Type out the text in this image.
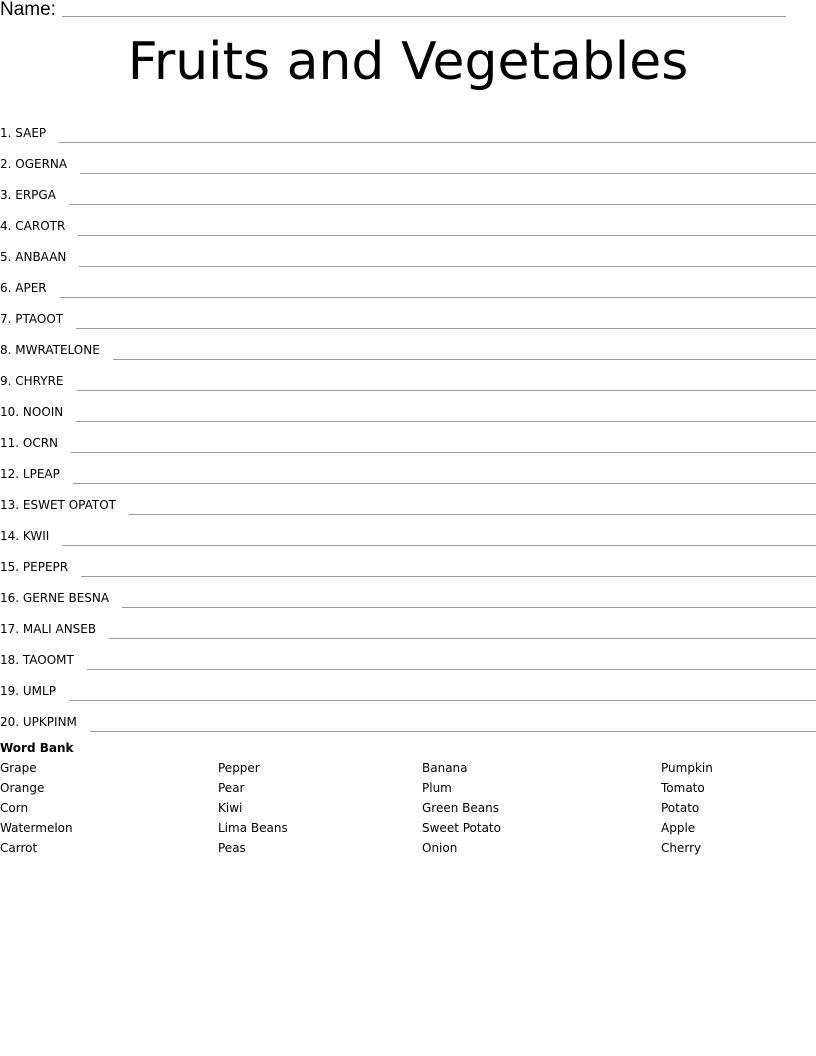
Name:
Fruits and Vegetables
1. SAEP
2. OGERNA
3. ERPGA
4. CAROTR
5. ANBAAN
6. APER
7. PTAOOT
8. MWRATELONE
9. CHRYRE
10. NOOIN
11. OCRN
12. LPEAP
13. ESWET OPATOT
14. KWII
15. PEPEPR
16. GERNE BESNA
17. MALI ANSEB
18. TAOOMT
19. UMLP
20. UPKPINM
Word Bank
Grape
Orange
Corn
Watermelon
Carrot
Pepper
Pear
Kiwi
Lima Beans
Peas
Banana
Plum
Green Beans
Sweet Potato
Onion
Pumpkin
Tomato
Potato
Apple
Cherry
